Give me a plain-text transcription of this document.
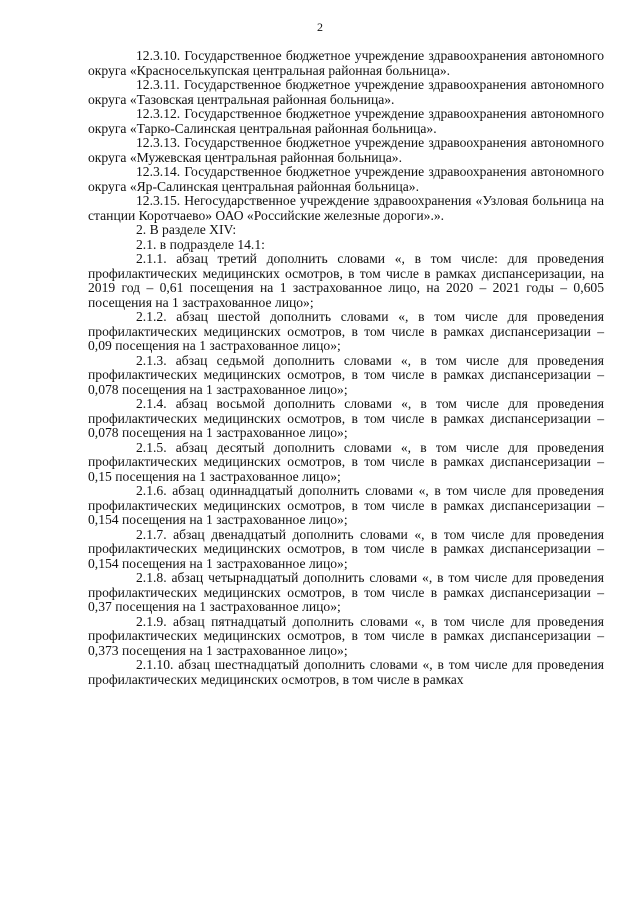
2

12.3.10. Государственное бюджетное учреждение здравоохранения автономного округа «Красноселькупская центральная районная больница».

12.3.11. Государственное бюджетное учреждение здравоохранения автономного округа «Тазовская центральная районная больница».

12.3.12. Государственное бюджетное учреждение здравоохранения автономного округа «Тарко-Салинская центральная районная больница».

12.3.13. Государственное бюджетное учреждение здравоохранения автономного округа «Мужевская центральная районная больница».

12.3.14. Государственное бюджетное учреждение здравоохранения автономного округа «Яр-Салинская центральная районная больница».

12.3.15. Негосударственное учреждение здравоохранения «Узловая больница на станции Коротчаево» ОАО «Российские железные дороги».».

2. В разделе XIV:

2.1. в подразделе 14.1:

2.1.1. абзац третий дополнить словами «, в том числе: для проведения профилактических медицинских осмотров, в том числе в рамках диспансеризации, на 2019 год – 0,61 посещения на 1 застрахованное лицо, на 2020 – 2021 годы – 0,605 посещения на 1 застрахованное лицо»;

2.1.2. абзац шестой дополнить словами «, в том числе для проведения профилактических медицинских осмотров, в том числе в рамках диспансеризации – 0,09 посещения на 1 застрахованное лицо»;

2.1.3. абзац седьмой дополнить словами «, в том числе для проведения профилактических медицинских осмотров, в том числе в рамках диспансеризации – 0,078 посещения на 1 застрахованное лицо»;

2.1.4. абзац восьмой дополнить словами «, в том числе для проведения профилактических медицинских осмотров, в том числе в рамках диспансеризации – 0,078 посещения на 1 застрахованное лицо»;

2.1.5. абзац десятый дополнить словами «, в том числе для проведения профилактических медицинских осмотров, в том числе в рамках диспансеризации – 0,15 посещения на 1 застрахованное лицо»;

2.1.6. абзац одиннадцатый дополнить словами «, в том числе для проведения профилактических медицинских осмотров, в том числе в рамках диспансеризации – 0,154 посещения на 1 застрахованное лицо»;

2.1.7. абзац двенадцатый дополнить словами «, в том числе для проведения профилактических медицинских осмотров, в том числе в рамках диспансеризации – 0,154 посещения на 1 застрахованное лицо»;

2.1.8. абзац четырнадцатый дополнить словами «, в том числе для проведения профилактических медицинских осмотров, в том числе в рамках диспансеризации – 0,37 посещения на 1 застрахованное лицо»;

2.1.9. абзац пятнадцатый дополнить словами «, в том числе для проведения профилактических медицинских осмотров, в том числе в рамках диспансеризации – 0,373 посещения на 1 застрахованное лицо»;

2.1.10. абзац шестнадцатый дополнить словами «, в том числе для проведения профилактических медицинских осмотров, в том числе в рамках
